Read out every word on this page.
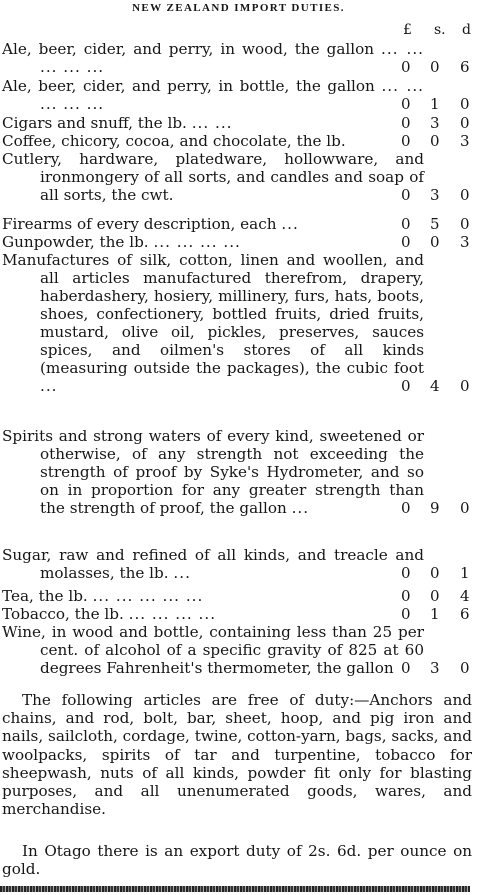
NEW ZEALAND IMPORT DUTIES.
£ s. d
Ale, beer, cider, and perry, in wood, the gallon ... ... ... ... ...	0 0 6
Ale, beer, cider, and perry, in bottle, the gallon ... ... ... ... ...	0 1 0
Cigars and snuff, the lb. ... ...	0 3 0
Coffee, chicory, cocoa, and chocolate, the lb.	0 0 3
Cutlery, hardware, platedware, hollowware, and ironmongery of all sorts, and candles and soap of all sorts, the cwt.	0 3 0
Firearms of every description, each ...	0 5 0
Gunpowder, the lb. ... ... ... ...	0 0 3
Manufactures of silk, cotton, linen and woollen, and all articles manufactured therefrom, drapery, haberdashery, hosiery, millinery, furs, hats, boots, shoes, confectionery, bottled fruits, dried fruits, mustard, olive oil, pickles, preserves, sauces spices, and oilmen's stores of all kinds (measuring outside the packages), the cubic foot ...	0 4 0
Spirits and strong waters of every kind, sweetened or otherwise, of any strength not exceeding the strength of proof by Syke's Hydrometer, and so on in proportion for any greater strength than the strength of proof, the gallon ...	0 9 0
Sugar, raw and refined of all kinds, and treacle and molasses, the lb. ...	0 0 1
Tea, the lb. ... ... ... ... ...	0 0 4
Tobacco, the lb. ... ... ... ...	0 1 6
Wine, in wood and bottle, containing less than 25 per cent. of alcohol of a specific gravity of 825 at 60 degrees Fahrenheit's thermometer, the gallon 0 3 0

The following articles are free of duty:—Anchors and chains, and rod, bolt, bar, sheet, hoop, and pig iron and nails, sailcloth, cordage, twine, cotton-yarn, bags, sacks, and woolpacks, spirits of tar and turpentine, tobacco for sheepwash, nuts of all kinds, powder fit only for blasting purposes, and all unenumerated goods, wares, and merchandise.

In Otago there is an export duty of 2s. 6d. per ounce on gold.
